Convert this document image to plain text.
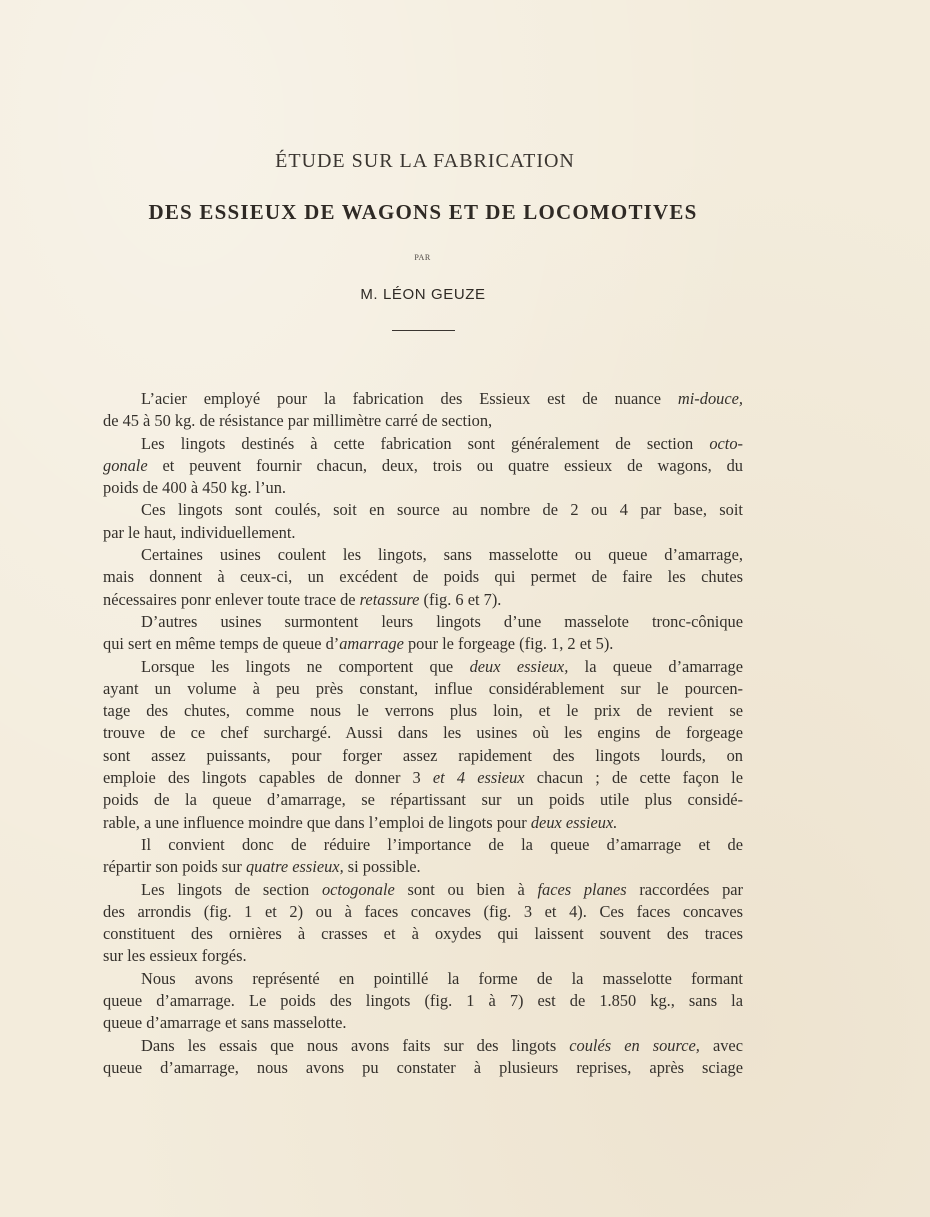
ÉTUDE SUR LA FABRICATION
DES ESSIEUX DE WAGONS ET DE LOCOMOTIVES
PAR
M. LÉON GEUZE
L’acier employé pour la fabrication des Essieux est de nuance mi-douce,
de 45 à 50 kg. de résistance par millimètre carré de section,
Les lingots destinés à cette fabrication sont généralement de section octo-
gonale et peuvent fournir chacun, deux, trois ou quatre essieux de wagons, du
poids de 400 à 450 kg. l’un.
Ces lingots sont coulés, soit en source au nombre de 2 ou 4 par base, soit
par le haut, individuellement.
Certaines usines coulent les lingots, sans masselotte ou queue d’amarrage,
mais donnent à ceux-ci, un excédent de poids qui permet de faire les chutes
nécessaires ponr enlever toute trace de retassure (fig. 6 et 7).
D’autres usines surmontent leurs lingots d’une masselote tronc-cônique
qui sert en même temps de queue d’amarrage pour le forgeage (fig. 1, 2 et 5).
Lorsque les lingots ne comportent que deux essieux, la queue d’amarrage
ayant un volume à peu près constant, influe considérablement sur le pourcen-
tage des chutes, comme nous le verrons plus loin, et le prix de revient se
trouve de ce chef surchargé. Aussi dans les usines où les engins de forgeage
sont assez puissants, pour forger assez rapidement des lingots lourds, on
emploie des lingots capables de donner 3 et 4 essieux chacun ; de cette façon le
poids de la queue d’amarrage, se répartissant sur un poids utile plus considé-
rable, a une influence moindre que dans l’emploi de lingots pour deux essieux.
Il convient donc de réduire l’importance de la queue d’amarrage et de
répartir son poids sur quatre essieux, si possible.
Les lingots de section octogonale sont ou bien à faces planes raccordées par
des arrondis (fig. 1 et 2) ou à faces concaves (fig. 3 et 4). Ces faces concaves
constituent des ornières à crasses et à oxydes qui laissent souvent des traces
sur les essieux forgés.
Nous avons représenté en pointillé la forme de la masselotte formant
queue d’amarrage. Le poids des lingots (fig. 1 à 7) est de 1.850 kg., sans la
queue d’amarrage et sans masselotte.
Dans les essais que nous avons faits sur des lingots coulés en source, avec
queue d’amarrage, nous avons pu constater à plusieurs reprises, après sciage
